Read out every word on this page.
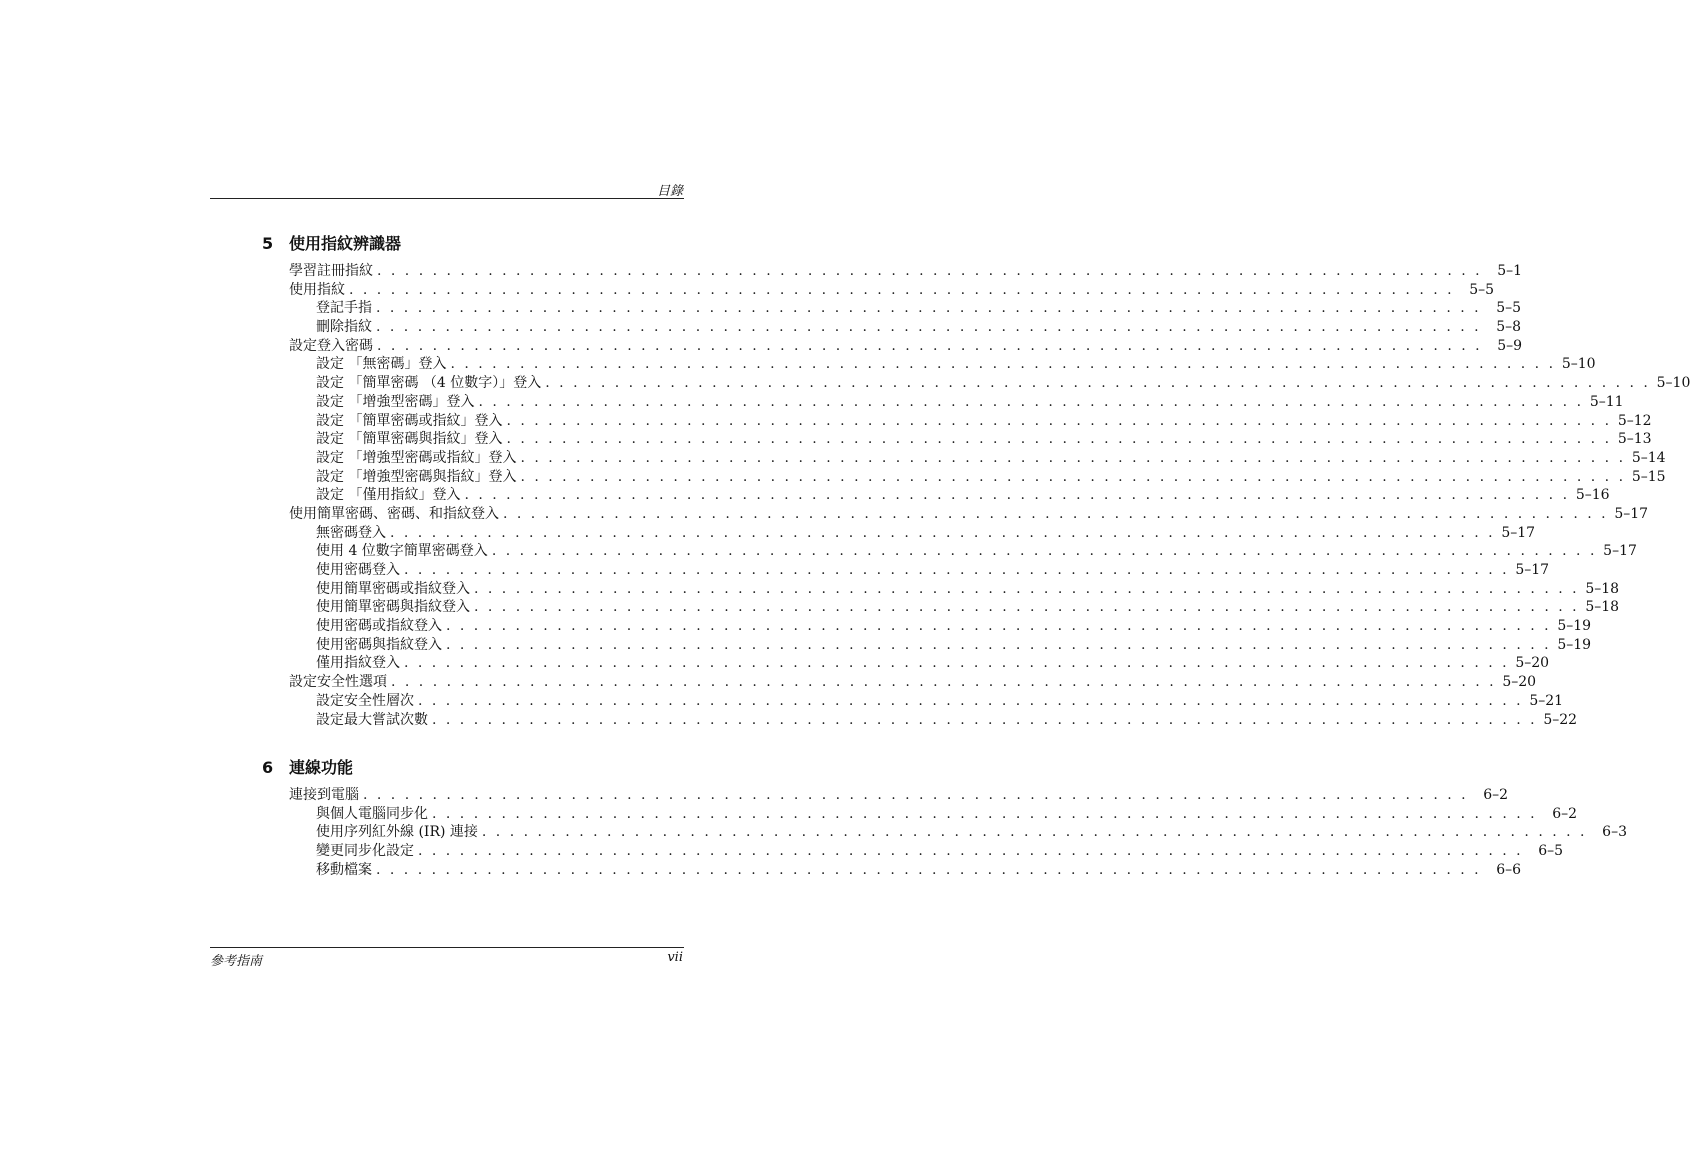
目錄
5 使用指紋辨識器
學習註冊指紋 . . . . . . . . . . . . . . . . . . . . . . . . . . . . . . . . . . . . . . . . . . . . . . . . . . . . . . . . . . . . . . . . . . . . . . . . . . . . . . . .	5–1
使用指紋 . . . . . . . . . . . . . . . . . . . . . . . . . . . . . . . . . . . . . . . . . . . . . . . . . . . . . . . . . . . . . . . . . . . . . . . . . . . . . . . .	5–5
登記手指 . . . . . . . . . . . . . . . . . . . . . . . . . . . . . . . . . . . . . . . . . . . . . . . . . . . . . . . . . . . . . . . . . . . . . . . . . . . . . . . .	5–5
刪除指紋 . . . . . . . . . . . . . . . . . . . . . . . . . . . . . . . . . . . . . . . . . . . . . . . . . . . . . . . . . . . . . . . . . . . . . . . . . . . . . . . .	5–8
設定登入密碼 . . . . . . . . . . . . . . . . . . . . . . . . . . . . . . . . . . . . . . . . . . . . . . . . . . . . . . . . . . . . . . . . . . . . . . . . . . . . . . . .	5–9
設定 「無密碼」登入 . . . . . . . . . . . . . . . . . . . . . . . . . . . . . . . . . . . . . . . . . . . . . . . . . . . . . . . . . . . . . . . . . . . . . . . . . . . . . . . . 5–10
設定 「簡單密碼 （4 位數字）」登入 . . . . . . . . . . . . . . . . . . . . . . . . . . . . . . . . . . . . . . . . . . . . . . . . . . . . . . . . . . . . . . . . . . . . . . . . . . . . . . . . 5–10
設定 「增強型密碼」登入 . . . . . . . . . . . . . . . . . . . . . . . . . . . . . . . . . . . . . . . . . . . . . . . . . . . . . . . . . . . . . . . . . . . . . . . . . . . . . . . . 5–11
設定 「簡單密碼或指紋」登入 . . . . . . . . . . . . . . . . . . . . . . . . . . . . . . . . . . . . . . . . . . . . . . . . . . . . . . . . . . . . . . . . . . . . . . . . . . . . . . . . 5–12
設定 「簡單密碼與指紋」登入 . . . . . . . . . . . . . . . . . . . . . . . . . . . . . . . . . . . . . . . . . . . . . . . . . . . . . . . . . . . . . . . . . . . . . . . . . . . . . . . . 5–13
設定 「增強型密碼或指紋」登入 . . . . . . . . . . . . . . . . . . . . . . . . . . . . . . . . . . . . . . . . . . . . . . . . . . . . . . . . . . . . . . . . . . . . . . . . . . . . . . . . 5–14
設定 「增強型密碼與指紋」登入 . . . . . . . . . . . . . . . . . . . . . . . . . . . . . . . . . . . . . . . . . . . . . . . . . . . . . . . . . . . . . . . . . . . . . . . . . . . . . . . . 5–15
設定 「僅用指紋」登入 . . . . . . . . . . . . . . . . . . . . . . . . . . . . . . . . . . . . . . . . . . . . . . . . . . . . . . . . . . . . . . . . . . . . . . . . . . . . . . . . 5–16
使用簡單密碼、密碼、和指紋登入 . . . . . . . . . . . . . . . . . . . . . . . . . . . . . . . . . . . . . . . . . . . . . . . . . . . . . . . . . . . . . . . . . . . . . . . . . . . . . . . . 5–17
無密碼登入 . . . . . . . . . . . . . . . . . . . . . . . . . . . . . . . . . . . . . . . . . . . . . . . . . . . . . . . . . . . . . . . . . . . . . . . . . . . . . . . . 5–17
使用 4 位數字簡單密碼登入 . . . . . . . . . . . . . . . . . . . . . . . . . . . . . . . . . . . . . . . . . . . . . . . . . . . . . . . . . . . . . . . . . . . . . . . . . . . . . . . . 5–17
使用密碼登入 . . . . . . . . . . . . . . . . . . . . . . . . . . . . . . . . . . . . . . . . . . . . . . . . . . . . . . . . . . . . . . . . . . . . . . . . . . . . . . . . 5–17
使用簡單密碼或指紋登入 . . . . . . . . . . . . . . . . . . . . . . . . . . . . . . . . . . . . . . . . . . . . . . . . . . . . . . . . . . . . . . . . . . . . . . . . . . . . . . . . 5–18
使用簡單密碼與指紋登入 . . . . . . . . . . . . . . . . . . . . . . . . . . . . . . . . . . . . . . . . . . . . . . . . . . . . . . . . . . . . . . . . . . . . . . . . . . . . . . . . 5–18
使用密碼或指紋登入 . . . . . . . . . . . . . . . . . . . . . . . . . . . . . . . . . . . . . . . . . . . . . . . . . . . . . . . . . . . . . . . . . . . . . . . . . . . . . . . . 5–19
使用密碼與指紋登入 . . . . . . . . . . . . . . . . . . . . . . . . . . . . . . . . . . . . . . . . . . . . . . . . . . . . . . . . . . . . . . . . . . . . . . . . . . . . . . . . 5–19
僅用指紋登入 . . . . . . . . . . . . . . . . . . . . . . . . . . . . . . . . . . . . . . . . . . . . . . . . . . . . . . . . . . . . . . . . . . . . . . . . . . . . . . . . 5–20
設定安全性選項 . . . . . . . . . . . . . . . . . . . . . . . . . . . . . . . . . . . . . . . . . . . . . . . . . . . . . . . . . . . . . . . . . . . . . . . . . . . . . . . . 5–20
設定安全性層次 . . . . . . . . . . . . . . . . . . . . . . . . . . . . . . . . . . . . . . . . . . . . . . . . . . . . . . . . . . . . . . . . . . . . . . . . . . . . . . . . 5–21
設定最大嘗試次數 . . . . . . . . . . . . . . . . . . . . . . . . . . . . . . . . . . . . . . . . . . . . . . . . . . . . . . . . . . . . . . . . . . . . . . . . . . . . . . . . 5–22
6 連線功能
連接到電腦 . . . . . . . . . . . . . . . . . . . . . . . . . . . . . . . . . . . . . . . . . . . . . . . . . . . . . . . . . . . . . . . . . . . . . . . . . . . . . . . .	6–2
與個人電腦同步化 . . . . . . . . . . . . . . . . . . . . . . . . . . . . . . . . . . . . . . . . . . . . . . . . . . . . . . . . . . . . . . . . . . . . . . . . . . . . . . . .	6–2
使用序列紅外線 (IR) 連接 . . . . . . . . . . . . . . . . . . . . . . . . . . . . . . . . . . . . . . . . . . . . . . . . . . . . . . . . . . . . . . . . . . . . . . . . . . . . . . . .	6–3
變更同步化設定 . . . . . . . . . . . . . . . . . . . . . . . . . . . . . . . . . . . . . . . . . . . . . . . . . . . . . . . . . . . . . . . . . . . . . . . . . . . . . . . .	6–5
移動檔案 . . . . . . . . . . . . . . . . . . . . . . . . . . . . . . . . . . . . . . . . . . . . . . . . . . . . . . . . . . . . . . . . . . . . . . . . . . . . . . . .	6–6
參考指南	vii
